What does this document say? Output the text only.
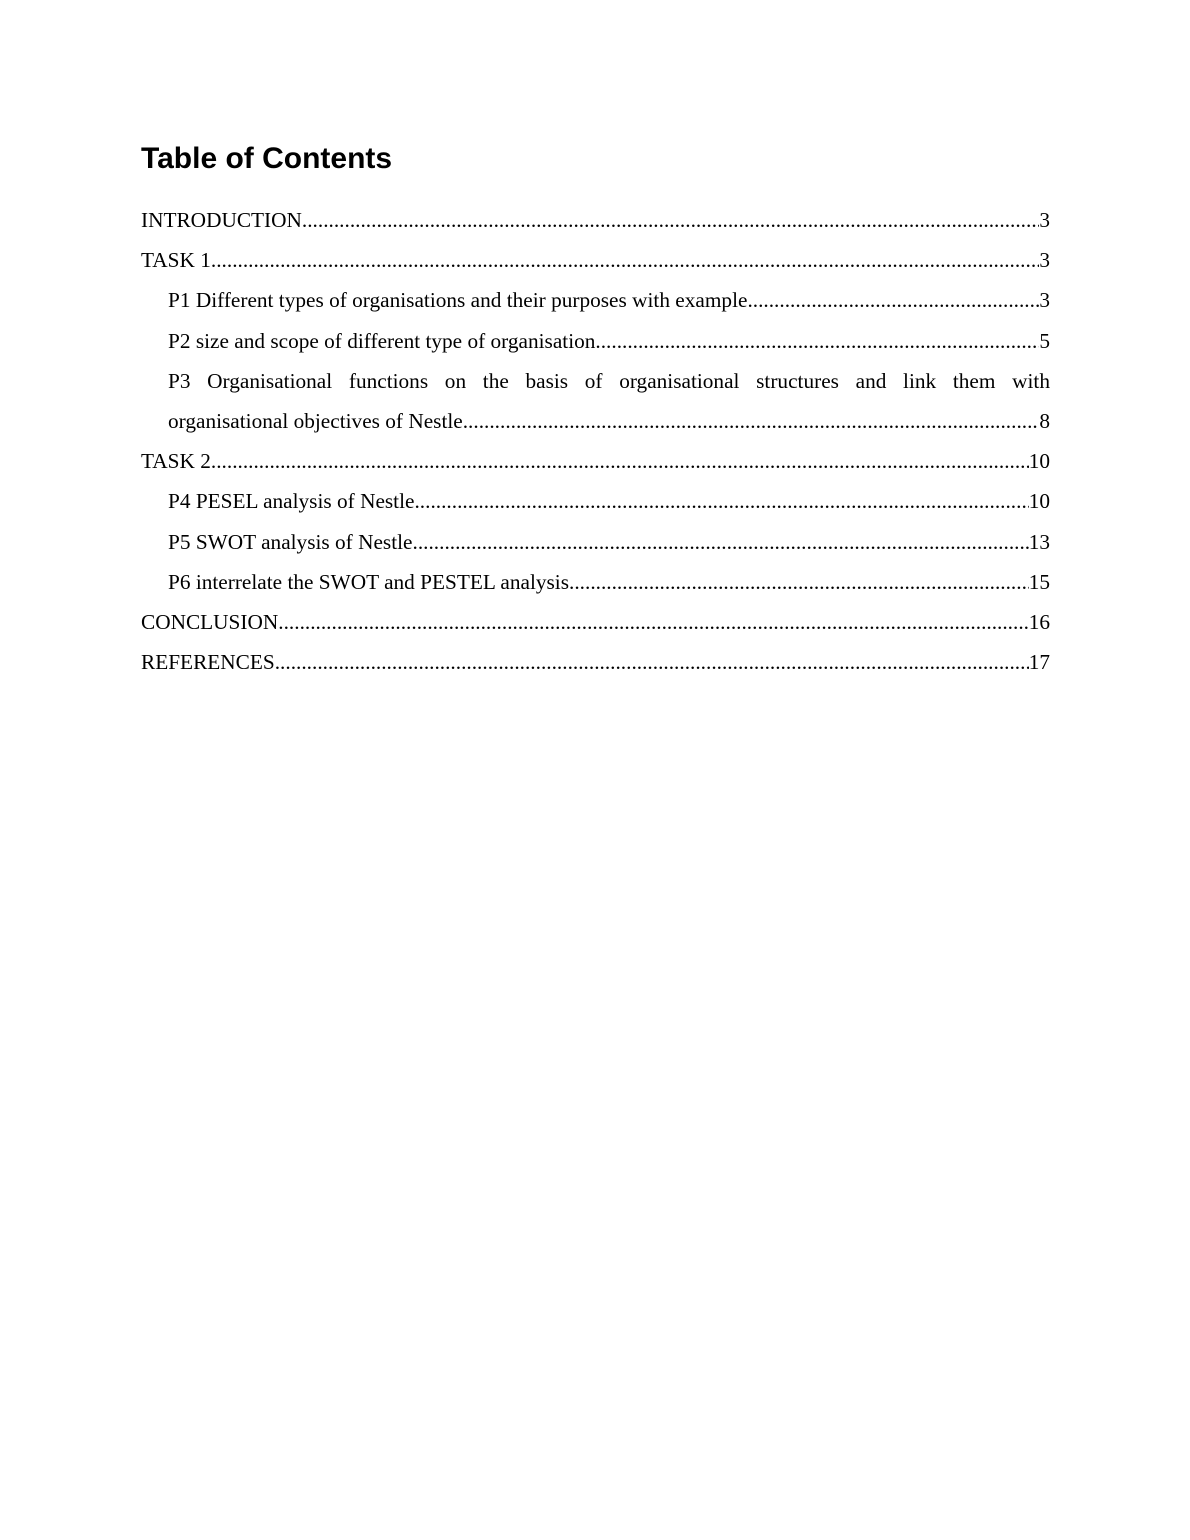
Table of Contents
INTRODUCTION .....	3
TASK 1 .....	3
P1 Different types of organisations and their purposes with example .....	3
P2 size and scope of different type of organisation .....	5
P3 Organisational functions on the basis of organisational structures and link them with
organisational objectives of Nestle .....	8
TASK 2 .....	10
P4 PESEL analysis of Nestle .....	10
P5 SWOT analysis of Nestle .....	13
P6 interrelate the SWOT and PESTEL analysis .....	15
CONCLUSION .....	16
REFERENCES .....	17
